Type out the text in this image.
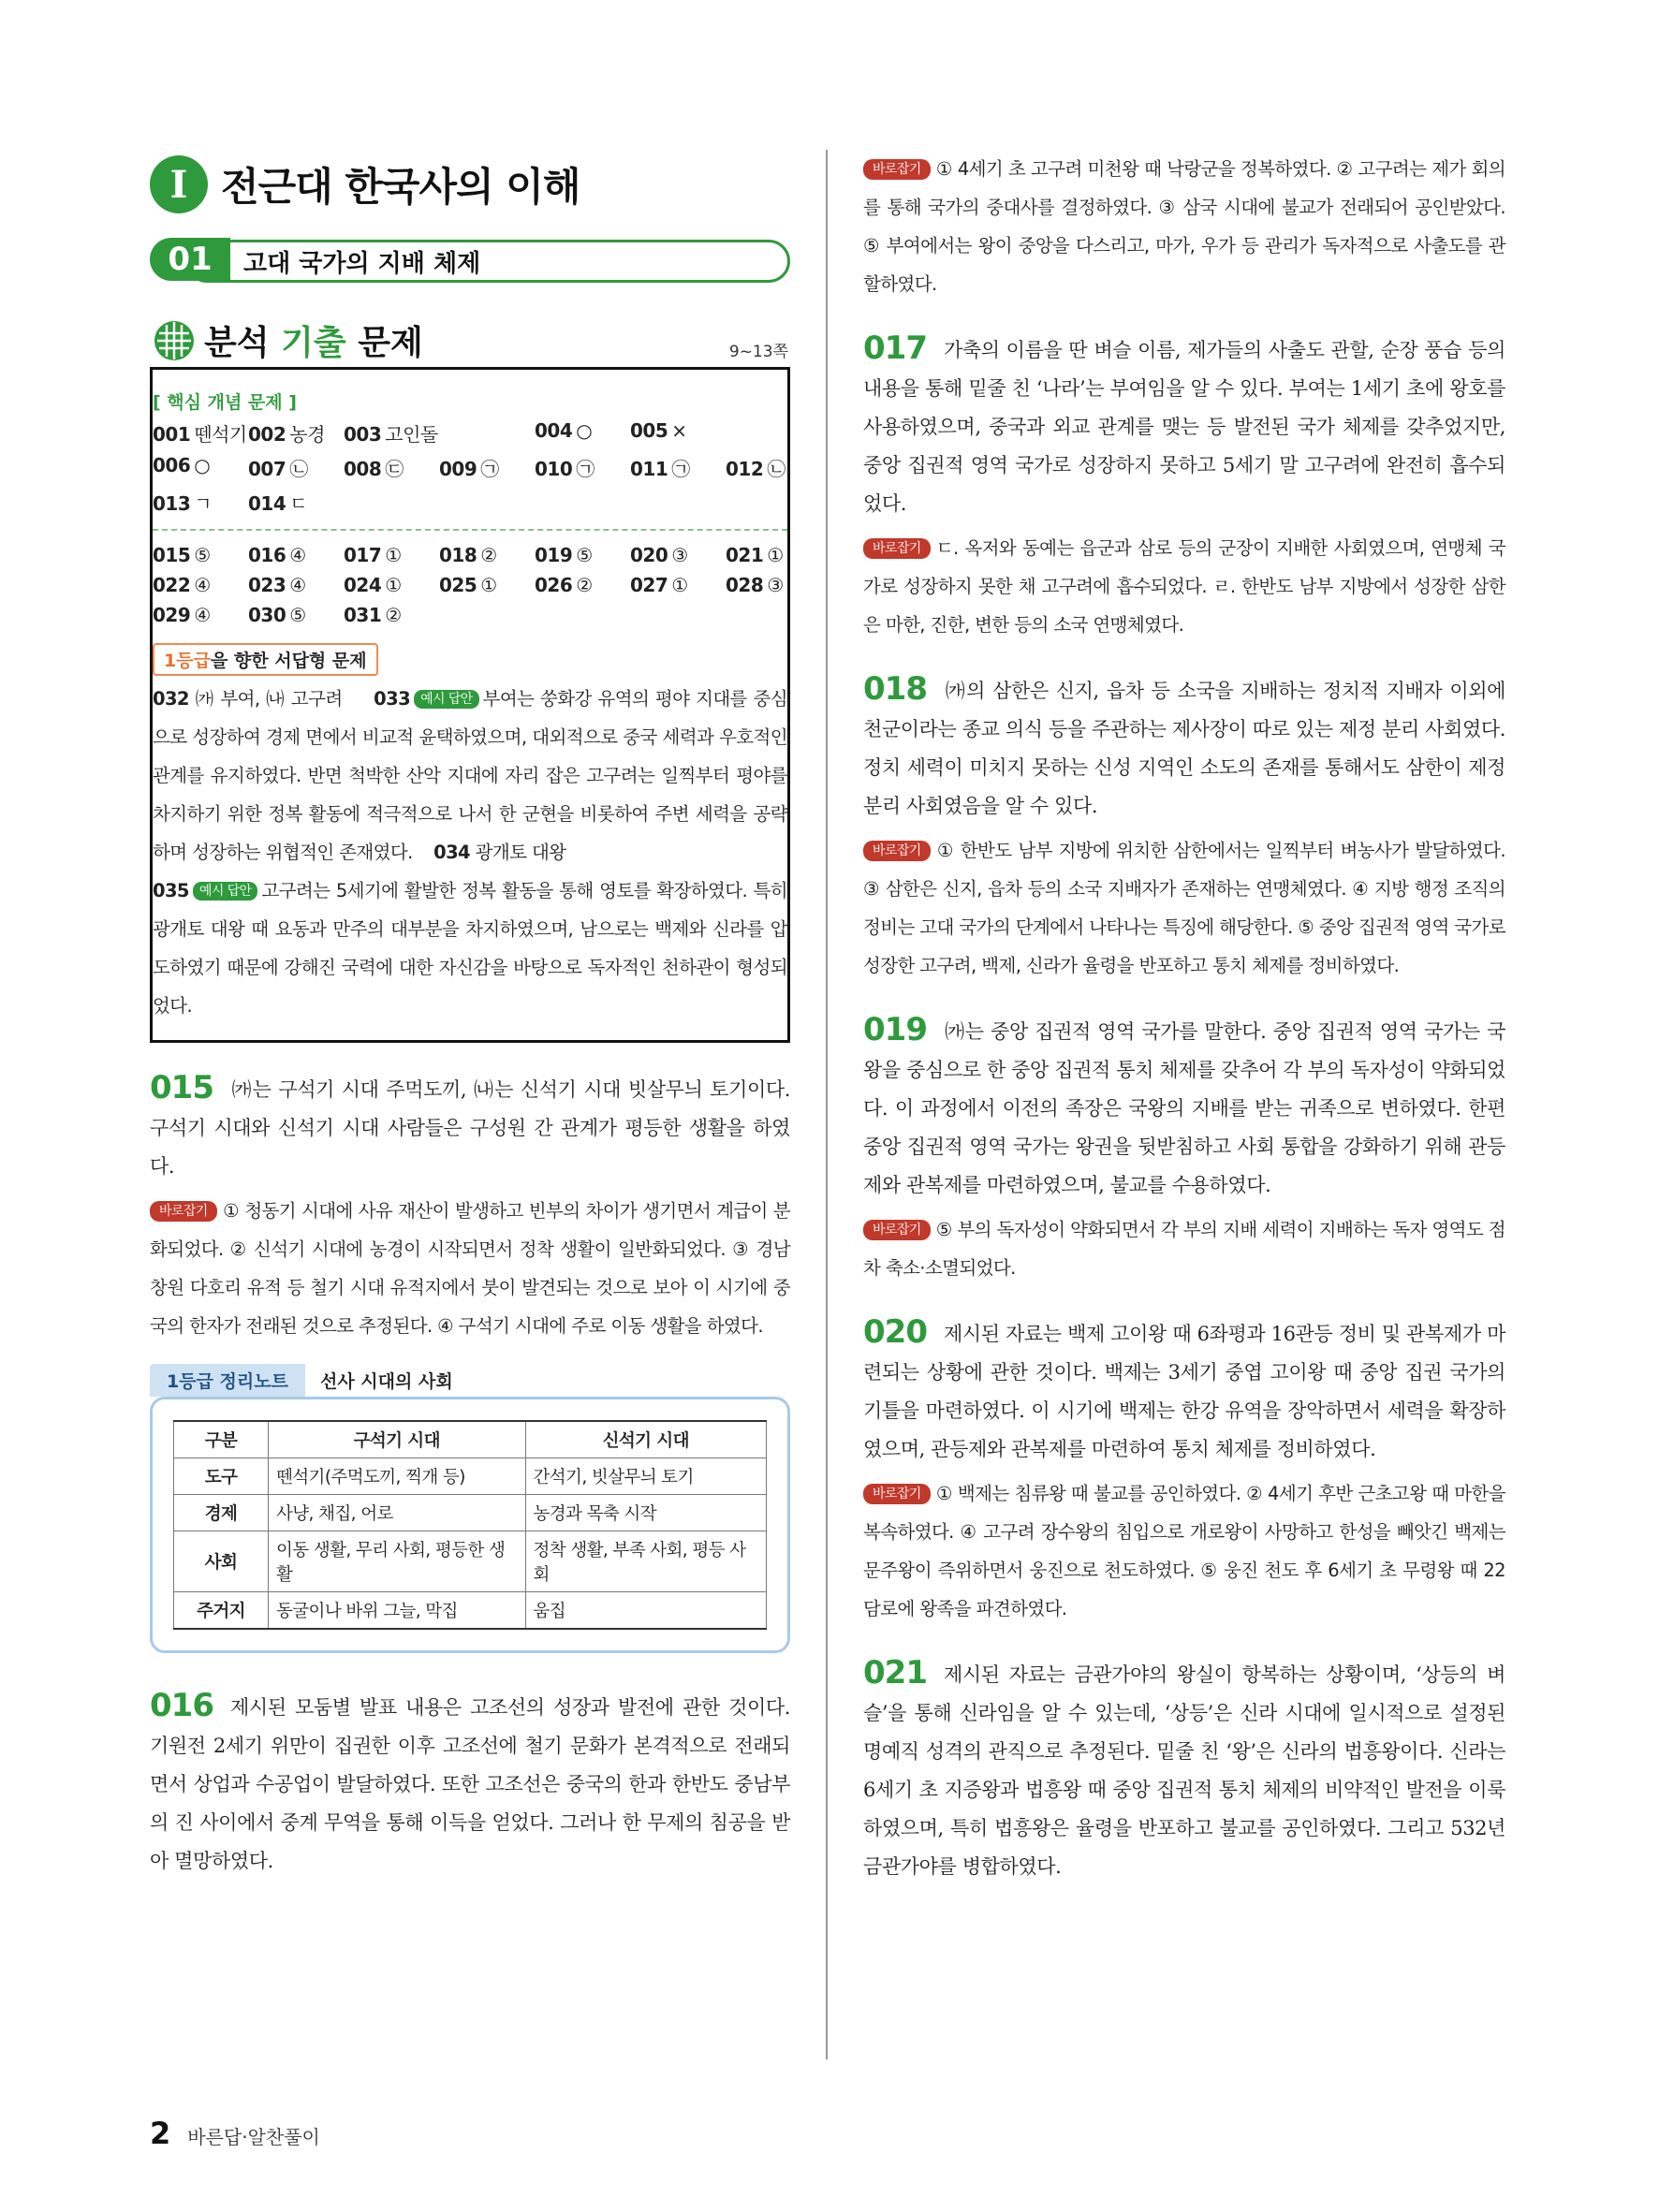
I 전근대 한국사의 이해
01	고대 국가의 지배 체제
분석 기출 문제	9~13쪽
[ 핵심 개념 문제 ]
001 뗀석기 002 농경	003 고인돌	004 ○	005 ×
006 ○	007 ㉡	008 ㉢	009 ㉠	010 ㉠	011 ㉠	012 ㉡
013 ㄱ	014 ㄷ
015 ⑤	016 ④	017 ①	018 ②	019 ⑤	020 ③	021 ①
022 ④	023 ④	024 ①	025 ①	026 ②	027 ①	028 ③
029 ④	030 ⑤	031 ②
1등급을 향한 서답형 문제
032 ㈎ 부여, ㈏ 고구려 033 예시 답안 부여는 쑹화강 유역의 평야 지대를 중심으로 성장하여 경제 면에서 비교적 윤택하였으며, 대외적으로 중국 세력과 우호적인 관계를 유지하였다. 반면 척박한 산악 지대에 자리 잡은 고구려는 일찍부터 평야를 차지하기 위한 정복 활동에 적극적으로 나서 한 군현을 비롯하여 주변 세력을 공략하며 성장하는 위협적인 존재였다. 034 광개토 대왕
035 예시 답안 고구려는 5세기에 활발한 정복 활동을 통해 영토를 확장하였다. 특히 광개토 대왕 때 요동과 만주의 대부분을 차지하였으며, 남으로는 백제와 신라를 압도하였기 때문에 강해진 국력에 대한 자신감을 바탕으로 독자적인 천하관이 형성되었다.
015 ㈎는 구석기 시대 주먹도끼, ㈏는 신석기 시대 빗살무늬 토기이다. 구석기 시대와 신석기 시대 사람들은 구성원 간 관계가 평등한 생활을 하였다.
바로잡기 ① 청동기 시대에 사유 재산이 발생하고 빈부의 차이가 생기면서 계급이 분화되었다. ② 신석기 시대에 농경이 시작되면서 정착 생활이 일반화되었다. ③ 경남 창원 다호리 유적 등 철기 시대 유적지에서 붓이 발견되는 것으로 보아 이 시기에 중국의 한자가 전래된 것으로 추정된다. ④ 구석기 시대에 주로 이동 생활을 하였다.
1등급 정리노트	선사 시대의 사회
구분	구석기 시대	신석기 시대
도구	뗀석기(주먹도끼, 찍개 등)	간석기, 빗살무늬 토기
경제	사냥, 채집, 어로	농경과 목축 시작
사회	이동 생활, 무리 사회, 평등한 생활	정착 생활, 부족 사회, 평등 사회
주거지	동굴이나 바위 그늘, 막집	움집
016 제시된 모둠별 발표 내용은 고조선의 성장과 발전에 관한 것이다. 기원전 2세기 위만이 집권한 이후 고조선에 철기 문화가 본격적으로 전래되면서 상업과 수공업이 발달하였다. 또한 고조선은 중국의 한과 한반도 중남부의 진 사이에서 중계 무역을 통해 이득을 얻었다. 그러나 한 무제의 침공을 받아 멸망하였다.
바로잡기 ① 4세기 초 고구려 미천왕 때 낙랑군을 정복하였다. ② 고구려는 제가 회의를 통해 국가의 중대사를 결정하였다. ③ 삼국 시대에 불교가 전래되어 공인받았다. ⑤ 부여에서는 왕이 중앙을 다스리고, 마가, 우가 등 관리가 독자적으로 사출도를 관할하였다.
017 가축의 이름을 딴 벼슬 이름, 제가들의 사출도 관할, 순장 풍습 등의 내용을 통해 밑줄 친 ‘나라’는 부여임을 알 수 있다. 부여는 1세기 초에 왕호를 사용하였으며, 중국과 외교 관계를 맺는 등 발전된 국가 체제를 갖추었지만, 중앙 집권적 영역 국가로 성장하지 못하고 5세기 말 고구려에 완전히 흡수되었다.
바로잡기 ㄷ. 옥저와 동예는 읍군과 삼로 등의 군장이 지배한 사회였으며, 연맹체 국가로 성장하지 못한 채 고구려에 흡수되었다. ㄹ. 한반도 남부 지방에서 성장한 삼한은 마한, 진한, 변한 등의 소국 연맹체였다.
018 ㈎의 삼한은 신지, 읍차 등 소국을 지배하는 정치적 지배자 이외에 천군이라는 종교 의식 등을 주관하는 제사장이 따로 있는 제정 분리 사회였다. 정치 세력이 미치지 못하는 신성 지역인 소도의 존재를 통해서도 삼한이 제정 분리 사회였음을 알 수 있다.
바로잡기 ① 한반도 남부 지방에 위치한 삼한에서는 일찍부터 벼농사가 발달하였다. ③ 삼한은 신지, 읍차 등의 소국 지배자가 존재하는 연맹체였다. ④ 지방 행정 조직의 정비는 고대 국가의 단계에서 나타나는 특징에 해당한다. ⑤ 중앙 집권적 영역 국가로 성장한 고구려, 백제, 신라가 율령을 반포하고 통치 체제를 정비하였다.
019 ㈎는 중앙 집권적 영역 국가를 말한다. 중앙 집권적 영역 국가는 국왕을 중심으로 한 중앙 집권적 통치 체제를 갖추어 각 부의 독자성이 약화되었다. 이 과정에서 이전의 족장은 국왕의 지배를 받는 귀족으로 변하였다. 한편 중앙 집권적 영역 국가는 왕권을 뒷받침하고 사회 통합을 강화하기 위해 관등제와 관복제를 마련하였으며, 불교를 수용하였다.
바로잡기 ⑤ 부의 독자성이 약화되면서 각 부의 지배 세력이 지배하는 독자 영역도 점차 축소·소멸되었다.
020 제시된 자료는 백제 고이왕 때 6좌평과 16관등 정비 및 관복제가 마련되는 상황에 관한 것이다. 백제는 3세기 중엽 고이왕 때 중앙 집권 국가의 기틀을 마련하였다. 이 시기에 백제는 한강 유역을 장악하면서 세력을 확장하였으며, 관등제와 관복제를 마련하여 통치 체제를 정비하였다.
바로잡기 ① 백제는 침류왕 때 불교를 공인하였다. ② 4세기 후반 근초고왕 때 마한을 복속하였다. ④ 고구려 장수왕의 침입으로 개로왕이 사망하고 한성을 빼앗긴 백제는 문주왕이 즉위하면서 웅진으로 천도하였다. ⑤ 웅진 천도 후 6세기 초 무령왕 때 22담로에 왕족을 파견하였다.
021 제시된 자료는 금관가야의 왕실이 항복하는 상황이며, ‘상등의 벼슬’을 통해 신라임을 알 수 있는데, ‘상등’은 신라 시대에 일시적으로 설정된 명예직 성격의 관직으로 추정된다. 밑줄 친 ‘왕’은 신라의 법흥왕이다. 신라는 6세기 초 지증왕과 법흥왕 때 중앙 집권적 통치 체제의 비약적인 발전을 이룩하였으며, 특히 법흥왕은 율령을 반포하고 불교를 공인하였다. 그리고 532년 금관가야를 병합하였다.
2 바른답·알찬풀이
